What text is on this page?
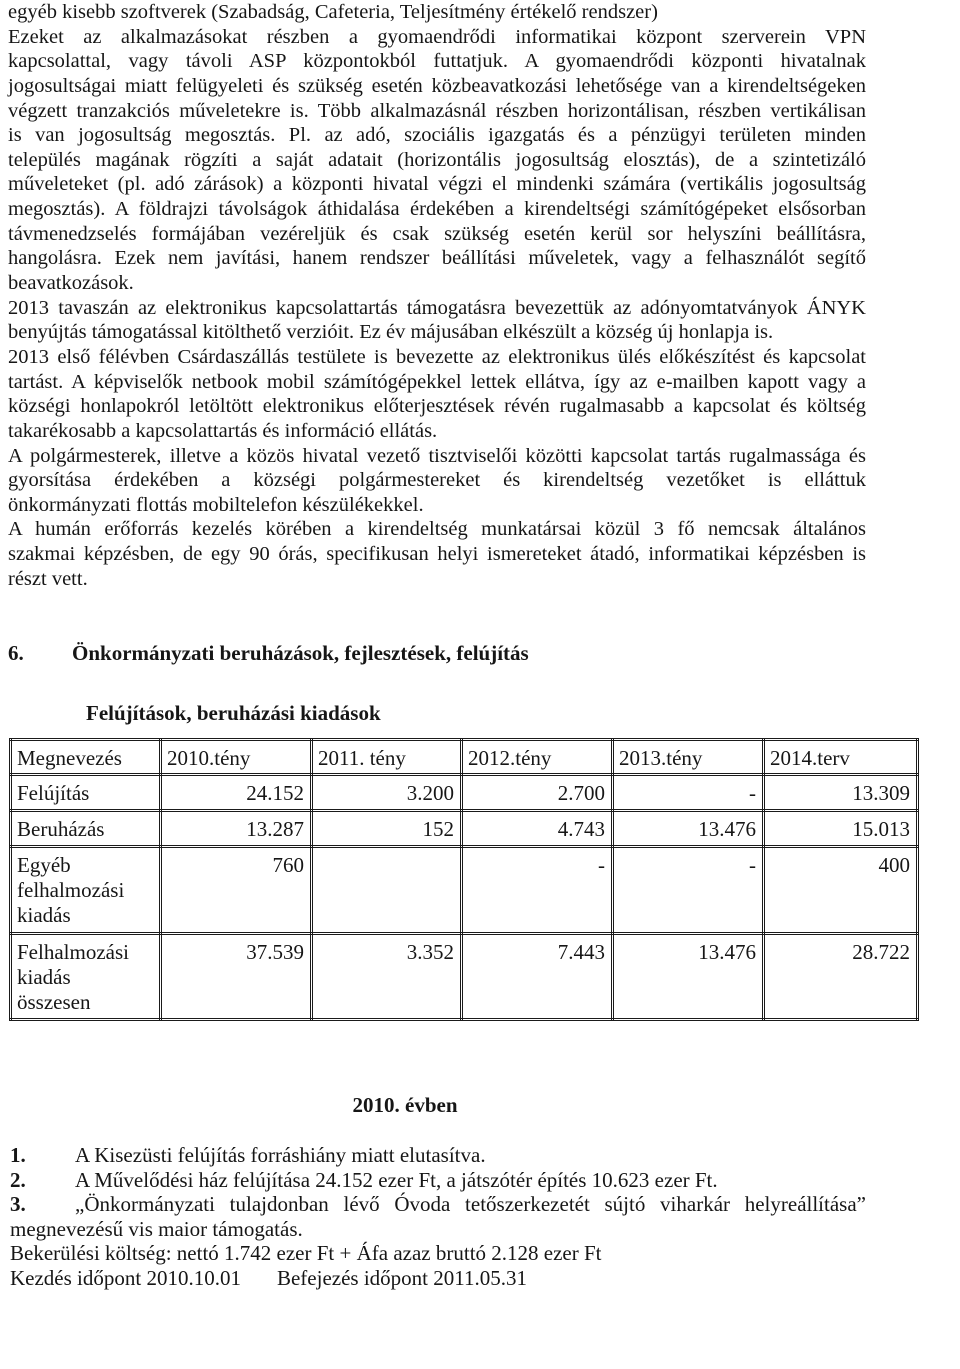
egyéb kisebb szoftverek (Szabadság, Cafeteria, Teljesítmény értékelő rendszer)
Ezeket az alkalmazásokat részben a gyomaendrődi informatikai központ szerverein VPN
kapcsolattal, vagy távoli ASP központokból futtatjuk. A gyomaendrődi központi hivatalnak
jogosultságai miatt felügyeleti és szükség esetén közbeavatkozási lehetősége van a kirendeltségeken
végzett tranzakciós műveletekre is. Több alkalmazásnál részben horizontálisan, részben vertikálisan
is van jogosultság megosztás. Pl. az adó, szociális igazgatás és a pénzügyi területen minden
település magának rögzíti a saját adatait (horizontális jogosultság elosztás), de a szintetizáló
műveleteket (pl. adó zárások) a központi hivatal végzi el mindenki számára (vertikális jogosultság
megosztás). A földrajzi távolságok áthidalása érdekében a kirendeltségi számítógépeket elsősorban
távmenedzselés formájában vezéreljük és csak szükség esetén kerül sor helyszíni beállításra,
hangolásra. Ezek nem javítási, hanem rendszer beállítási műveletek, vagy a felhasználót segítő
beavatkozások.
2013 tavaszán az elektronikus kapcsolattartás támogatásra bevezettük az adónyomtatványok ÁNYK
benyújtás támogatással kitölthető verzióit. Ez év májusában elkészült a község új honlapja is.
2013 első félévben Csárdaszállás testülete is bevezette az elektronikus ülés előkészítést és kapcsolat
tartást. A képviselők netbook mobil számítógépekkel lettek ellátva, így az e-mailben kapott vagy a
községi honlapokról letöltött elektronikus előterjesztések révén rugalmasabb a kapcsolat és költség
takarékosabb a kapcsolattartás és információ ellátás.
A polgármesterek, illetve a közös hivatal vezető tisztviselői közötti kapcsolat tartás rugalmassága és
gyorsítása érdekében a községi polgármestereket és kirendeltség vezetőket is elláttuk
önkormányzati flottás mobiltelefon készülékekkel.
A humán erőforrás kezelés körében a kirendeltség munkatársai közül 3 fő nemcsak általános
szakmai képzésben, de egy 90 órás, specifikusan helyi ismereteket átadó, informatikai képzésben is
részt vett.
6. Önkormányzati beruházások, fejlesztések, felújítás
Felújítások, beruházási kiadások
Megnevezés	2010.tény	2011. tény	2012.tény	2013.tény	2014.terv

Felújítás	24.152	3.200	2.700	-	13.309

Beruházás	13.287	152	4.743	13.476	15.013

Egyéb
felhalmozási
kiadás	760		-	-	400

Felhalmozási
kiadás
összesen	37.539	3.352	7.443	13.476	28.722
2010. évben
1.	A Kisezüsti felújítás forráshiány miatt elutasítva.
2.	A Művelődési ház felújítása 24.152 ezer Ft, a játszótér építés 10.623 ezer Ft.
3.	„Önkormányzati tulajdonban lévő Óvoda tetőszerkezetét sújtó viharkár helyreállítása”
megnevezésű vis maior támogatás.
Bekerülési költség: nettó 1.742 ezer Ft + Áfa azaz bruttó 2.128 ezer Ft
Kezdés időpont 2010.10.01 Befejezés időpont 2011.05.31
